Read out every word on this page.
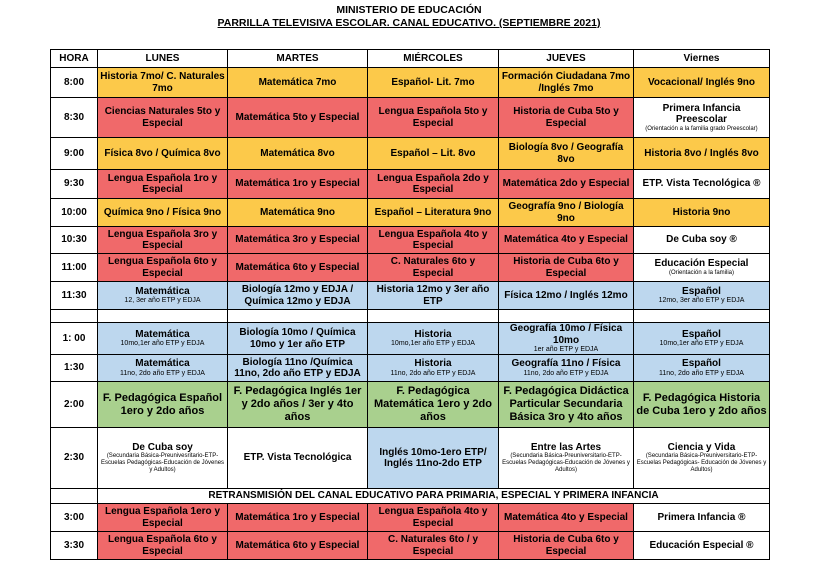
MINISTERIO DE EDUCACIÓN
PARRILLA TELEVISIVA ESCOLAR. CANAL EDUCATIVO. (SEPTIEMBRE 2021)
HORA	LUNES	MARTES	MIÉRCOLES	JUEVES	Viernes
8:00	Historia 7mo/ C. Naturales 7mo	Matemática 7mo	Español- Lit. 7mo	Formación Ciudadana 7mo /Inglés 7mo	Vocacional/ Inglés 9no
8:30	Ciencias Naturales 5to y Especial	Matemática 5to y Especial	Lengua Española 5to y Especial	Historia de Cuba 5to y Especial	Primera Infancia Preescolar
(Orientación a la familia grado Preescolar)

9:00	Física 8vo / Química 8vo	Matemática 8vo	Español – Lit. 8vo	Biología 8vo / Geografía 8vo	Historia 8vo / Inglés 8vo
9:30	Lengua Española 1ro y Especial	Matemática 1ro y Especial	Lengua Española 2do y Especial	Matemática 2do y Especial	ETP. Vista Tecnológica ®
10:00	Química 9no / Física 9no	Matemática 9no	Español – Literatura 9no	Geografía 9no / Biología 9no	Historia 9no
10:30	Lengua Española 3ro y Especial	Matemática 3ro y Especial	Lengua Española 4to y Especial	Matemática 4to y Especial	De Cuba soy ®
11:00	Lengua Española 6to y Especial	Matemática 6to y Especial	C. Naturales 6to y Especial	Historia de Cuba 6to y Especial	Educación Especial
(Orientación a la familia)

11:30	Matemática
12, 3er año ETP y EDJA	Biología 12mo y EDJA / Química 12mo y EDJA	Historia 12mo y 3er año ETP	Física 12mo / Inglés 12mo	Español
12mo, 3er año ETP y EDJA

1: 00	Matemática
10mo,1er año ETP y EDJA	Biología 10mo / Química 10mo y 1er año ETP	Historia
10mo,1er año ETP y EDJA	Geografía 10mo / Física 10mo
1er año ETP y EDJA	Español
10mo,1er año ETP y EDJA

1:30	Matemática
11no, 2do año ETP y EDJA	Biología 11no /Química 11no, 2do año ETP y EDJA	Historia
11no, 2do año ETP y EDJA	Geografía 11no / Física
11no, 2do año ETP y EDJA	Español
11no, 2do año ETP y EDJA

2:00	F. Pedagógica Español 1ero y 2do años	F. Pedagógica Inglés 1er y 2do años / 3er y 4to años	F. Pedagógica Matemática 1ero y 2do años	F. Pedagógica Didáctica Particular Secundaria Básica 3ro y 4to años	F. Pedagógica Historia de Cuba 1ero y 2do años
2:30	De Cuba soy
(Secundaria Básica-Preunivesritario-ETP-Escuelas Pedagógicas-Educación de Jóvenes y Adultos)	ETP. Vista Tecnológica	Inglés 10mo-1ero ETP/ Inglés 11no-2do ETP	Entre las Artes
(Secundaria Básica-Preuniversitario-ETP-Escuelas Pedagógicas-Educación de Jóvenes y Adultos)	Ciencia y Vida
(Secundaria Básica-Preuniversitario-ETP-Escuelas Pedagógicas- Educación de Jóvenes y Adultos)

	RETRANSMISIÓN DEL CANAL EDUCATIVO PARA PRIMARIA, ESPECIAL Y PRIMERA INFANCIA				
3:00	Lengua Española 1ero y Especial	Matemática 1ro y Especial	Lengua Española 4to y Especial	Matemática 4to y Especial	Primera Infancia ®
3:30	Lengua Española 6to y Especial	Matemática 6to y Especial	C. Naturales 6to / y Especial	Historia de Cuba 6to y Especial	Educación Especial ®
